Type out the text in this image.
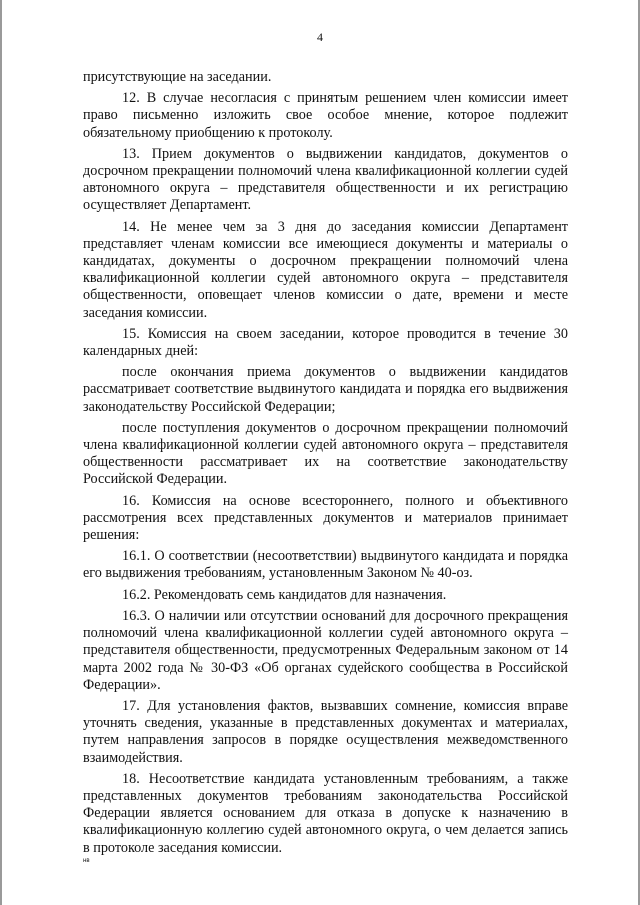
4

присутствующие на заседании.

12. В случае несогласия с принятым решением член комиссии имеет право письменно изложить свое особое мнение, которое подлежит обязательному приобщению к протоколу.

13. Прием документов о выдвижении кандидатов, документов о досрочном прекращении полномочий члена квалификационной коллегии судей автономного округа – представителя общественности и их регистрацию осуществляет Департамент.

14. Не менее чем за 3 дня до заседания комиссии Департамент представляет членам комиссии все имеющиеся документы и материалы о кандидатах, документы о досрочном прекращении полномочий члена квалификационной коллегии судей автономного округа – представителя общественности, оповещает членов комиссии о дате, времени и месте заседания комиссии.

15. Комиссия на своем заседании, которое проводится в течение 30 календарных дней:

после окончания приема документов о выдвижении кандидатов рассматривает соответствие выдвинутого кандидата и порядка его выдвижения законодательству Российской Федерации;

после поступления документов о досрочном прекращении полномочий члена квалификационной коллегии судей автономного округа – представителя общественности рассматривает их на соответствие законодательству Российской Федерации.

16. Комиссия на основе всестороннего, полного и объективного рассмотрения всех представленных документов и материалов принимает решения:

16.1. О соответствии (несоответствии) выдвинутого кандидата и порядка его выдвижения требованиям, установленным Законом № 40-оз.

16.2. Рекомендовать семь кандидатов для назначения.

16.3. О наличии или отсутствии оснований для досрочного прекращения полномочий члена квалификационной коллегии судей автономного округа – представителя общественности, предусмотренных Федеральным законом от 14 марта 2002 года № 30-ФЗ «Об органах судейского сообщества в Российской Федерации».

17. Для установления фактов, вызвавших сомнение, комиссия вправе уточнять сведения, указанные в представленных документах и материалах, путем направления запросов в порядке осуществления межведомственного взаимодействия.

18. Несоответствие кандидата установленным требованиям, а также представленных документов требованиям законодательства Российской Федерации является основанием для отказа в допуске к назначению в квалификационную коллегию судей автономного округа, о чем делается запись в протоколе заседания комиссии.

нв
